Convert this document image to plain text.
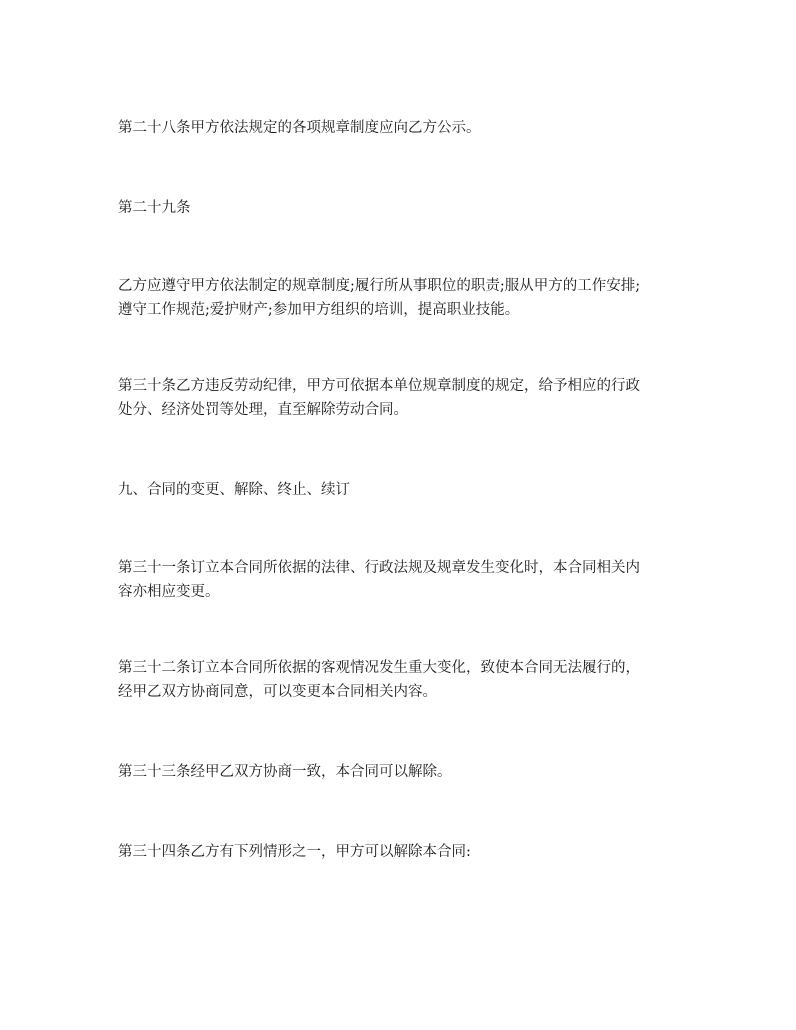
第二十八条甲方依法规定的各项规章制度应向乙方公示。

第二十九条

乙方应遵守甲方依法制定的规章制度;履行所从事职位的职责;服从甲方的工作安排;
遵守工作规范;爱护财产;参加甲方组织的培训，提高职业技能。

第三十条乙方违反劳动纪律，甲方可依据本单位规章制度的规定，给予相应的行政
处分、经济处罚等处理，直至解除劳动合同。

九、合同的变更、解除、终止、续订

第三十一条订立本合同所依据的法律、行政法规及规章发生变化时，本合同相关内
容亦相应变更。

第三十二条订立本合同所依据的客观情况发生重大变化，致使本合同无法履行的，
经甲乙双方协商同意，可以变更本合同相关内容。

第三十三条经甲乙双方协商一致，本合同可以解除。

第三十四条乙方有下列情形之一，甲方可以解除本合同:
